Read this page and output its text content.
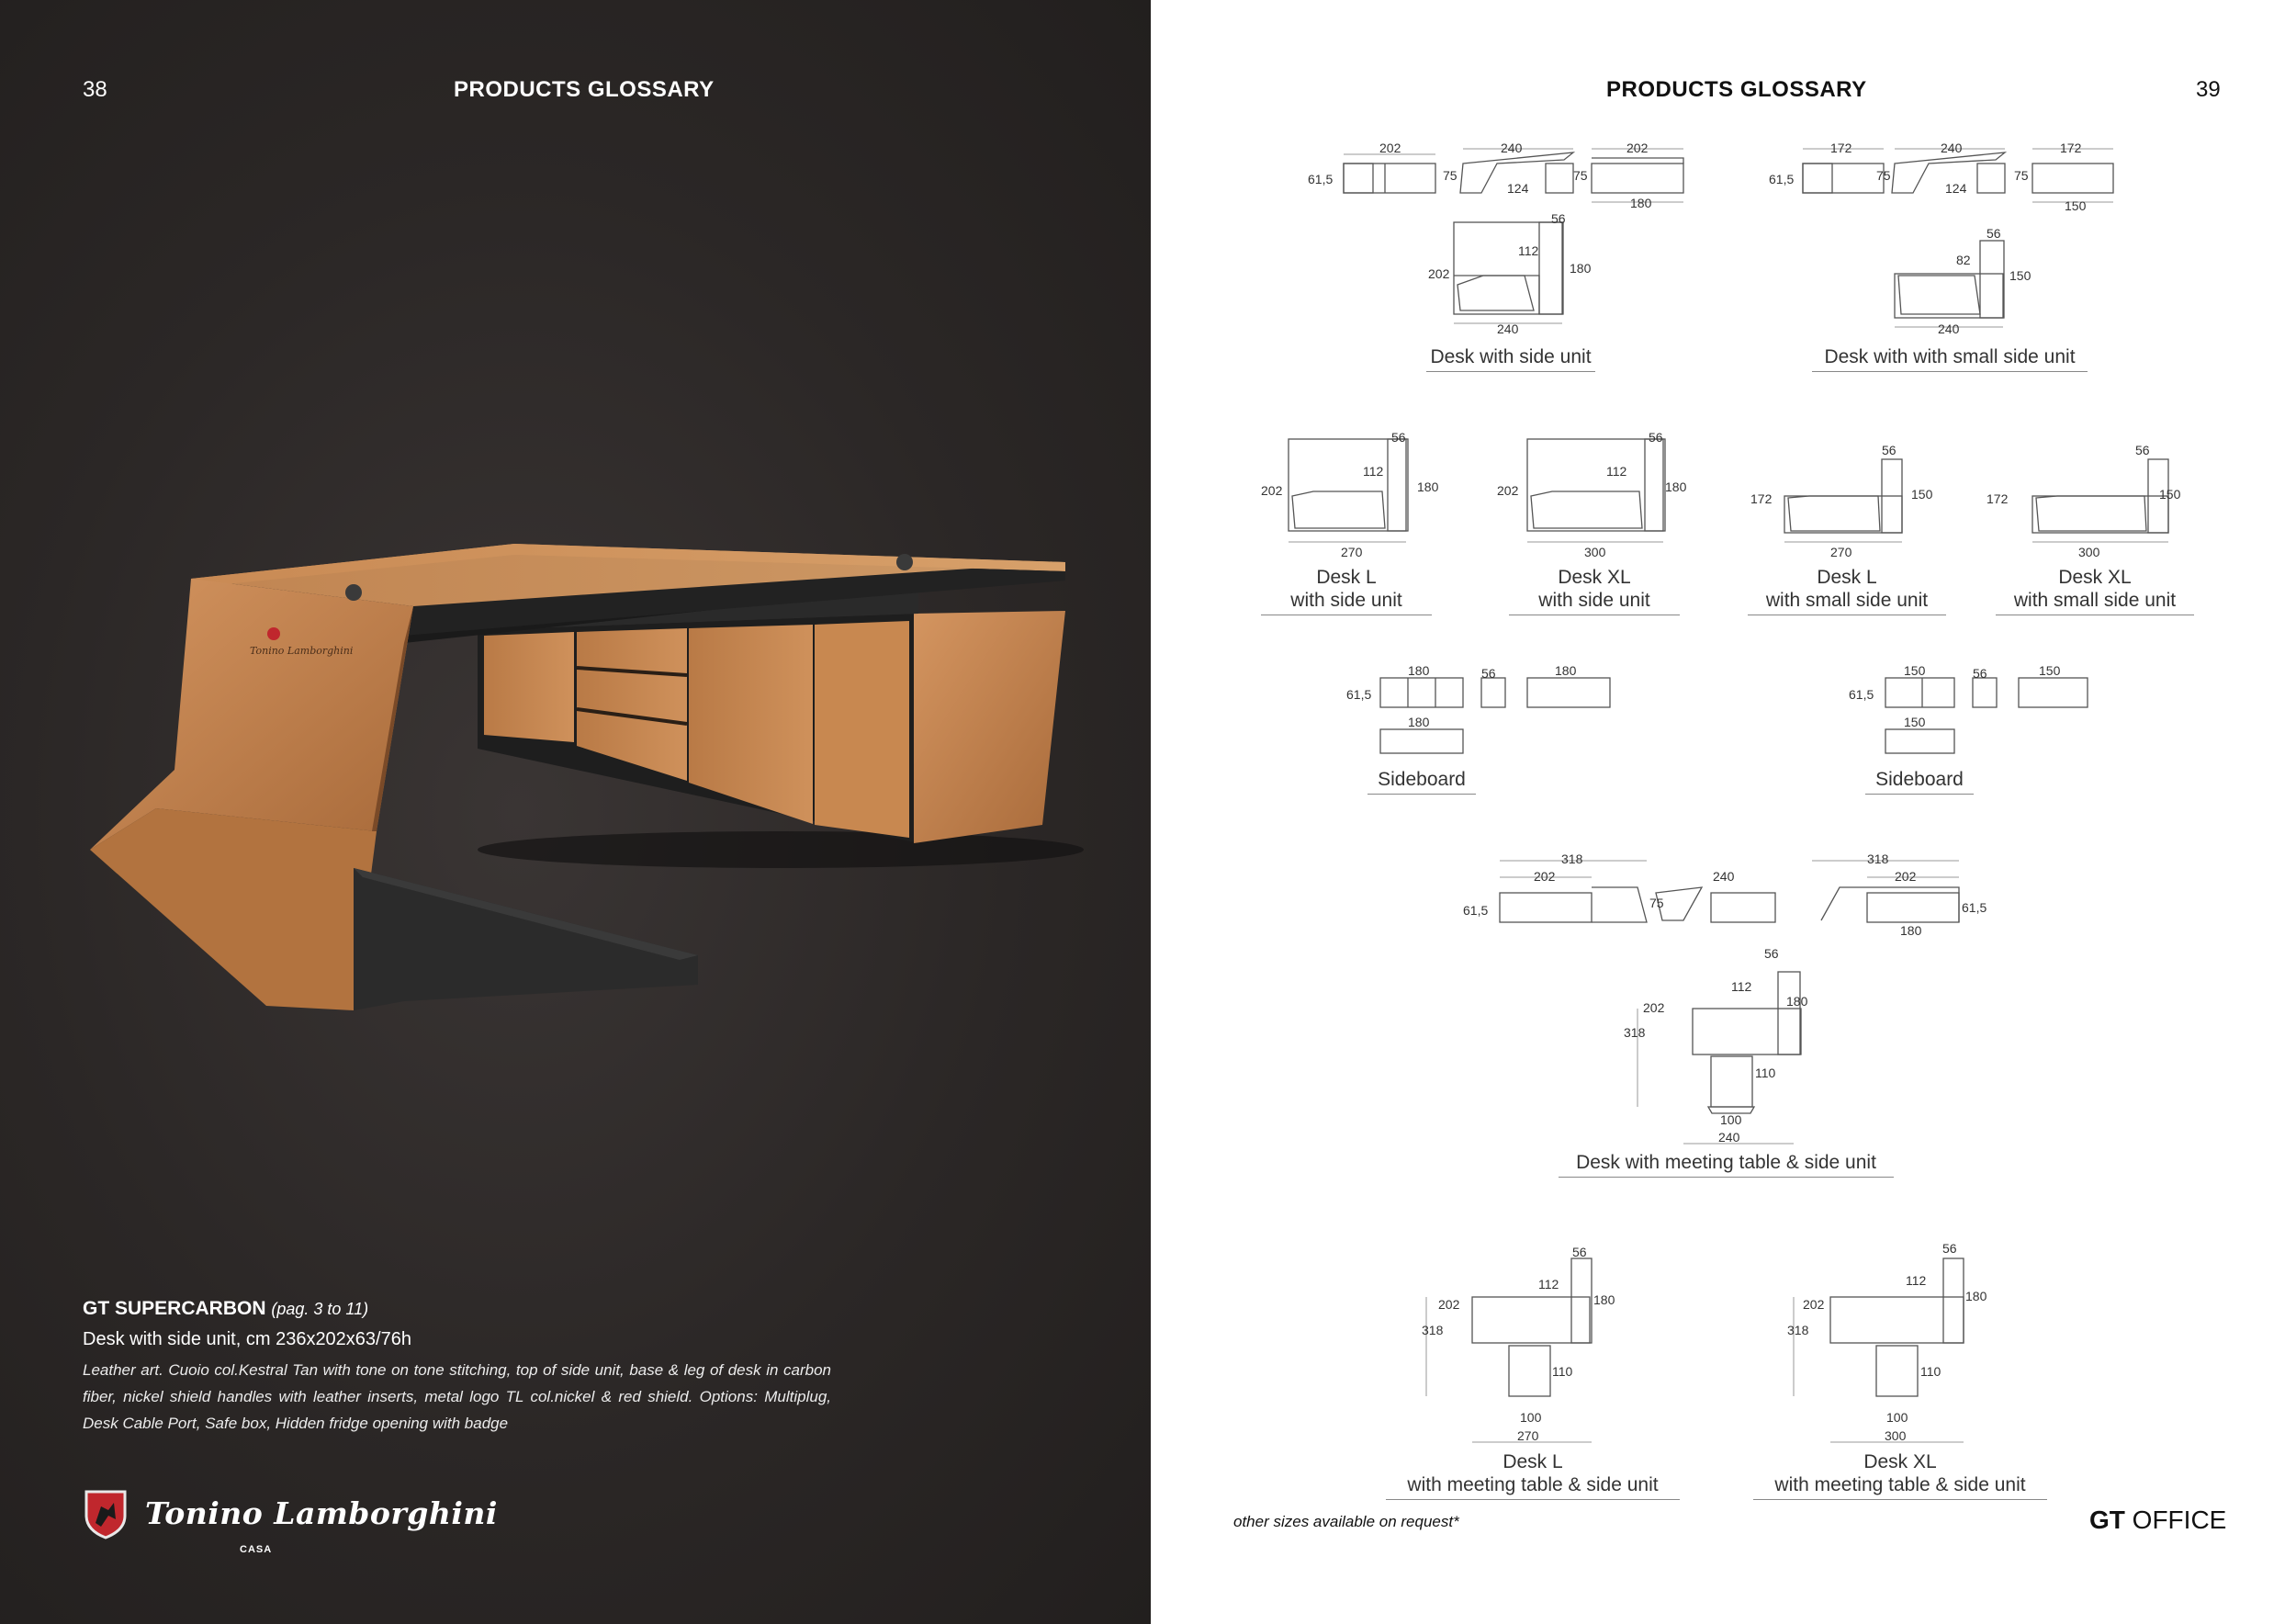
38	PRODUCTS GLOSSARY
Tonino Lamborghini
GT SUPERCARBON (pag. 3 to 11)
Desk with side unit, cm 236x202x63/76h
Leather art. Cuoio col.Kestral Tan with tone on tone stitching, top of side unit, base & leg of desk in carbon fiber, nickel shield handles with leather inserts, metal logo TL col.nickel & red shield. Options: Multiplug, Desk Cable Port, Safe box, Hidden fridge opening with badge
Tonino Lamborghini
CASA
PRODUCTS GLOSSARY	39
202	240	202
61,5	75
124
75
180
56
112
180
202
240
172	240	172
61,5	75
124
75
150
56
82
150
240
56
112
180
202
270
56
112
180
202
300
56
150
172
270
56
150
172
300
180	56	180
61,5
180
150	56	150
61,5
150
318
202
61,5	75
240
318
202
61,5
180
56
112
180
202
318
110
100
240
56
112
180
202
318
110
100
270
56
112
180
202
318
110
100
300
Desk with side unit	Desk with with small side unit
Desk L
with side unit
Desk XL
with side unit
Desk L
with small side unit
Desk XL
with small side unit
Sideboard	Sideboard
Desk with meeting table & side unit
Desk L
with meeting table & side unit
Desk XL
with meeting table & side unit
other sizes available on request*	GT OFFICE
